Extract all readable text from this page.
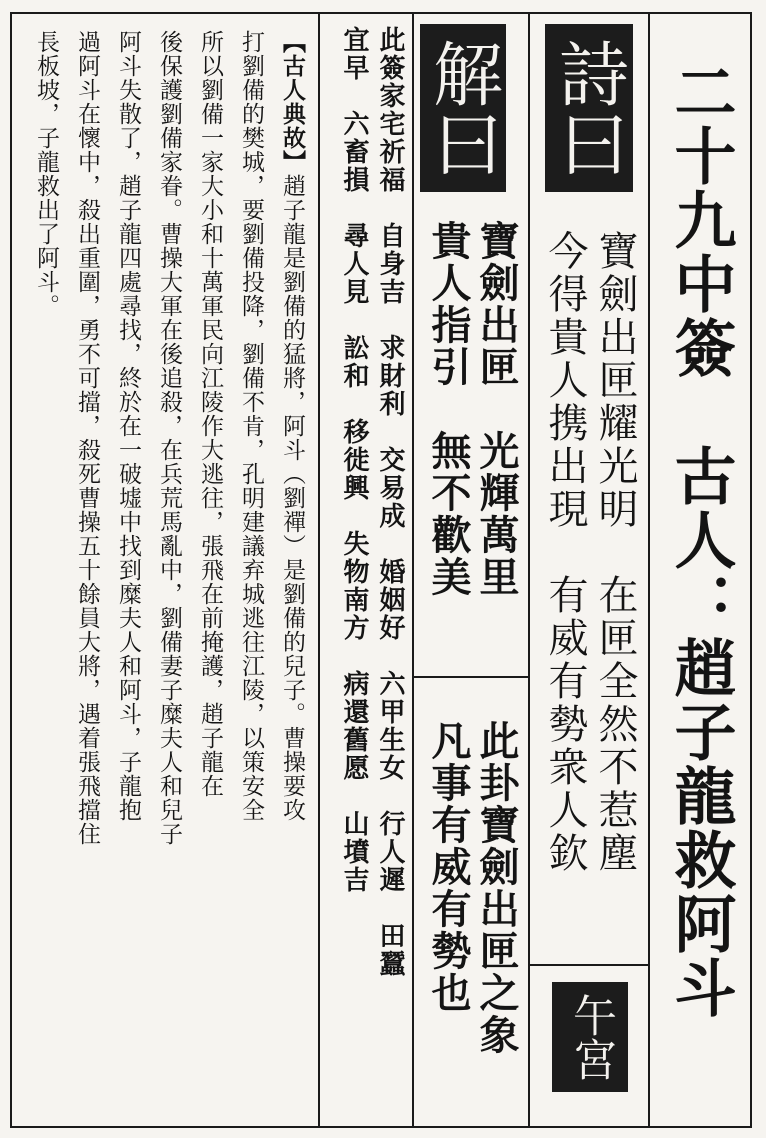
二十九中簽　古人：趙子龍救阿斗
詩曰
寶劍出匣耀光明　在匣全然不惹塵
今得貴人携出現　有威有勢衆人欽
午宮
解曰
寶劍出匣　光輝萬里
貴人指引　無不歡美
此卦寶劍出匣之象
凡事有威有勢也
此簽家宅祈福　自身吉　求財利　交易成　婚姻好　六甲生女　行人遲　田蠶
宜早　六畜損　尋人見　訟和　移徙興　失物南方　病還舊愿　山墳吉
【古人典故】趙子龍是劉備的猛將，阿斗（劉禪）是劉備的兒子。曹操要攻
打劉備的樊城，要劉備投降，劉備不肯，孔明建議弃城逃往江陵，以策安全
所以劉備一家大小和十萬軍民向江陵作大逃往，張飛在前掩護，趙子龍在
後保護劉備家眷。曹操大軍在後追殺，在兵荒馬亂中，劉備妻子糜夫人和兒子
阿斗失散了，趙子龍四處尋找，終於在一破墟中找到糜夫人和阿斗，子龍抱
過阿斗在懷中，殺出重圍，勇不可擋，殺死曹操五十餘員大將，遇着張飛擋住
長板坡，子龍救出了阿斗。
